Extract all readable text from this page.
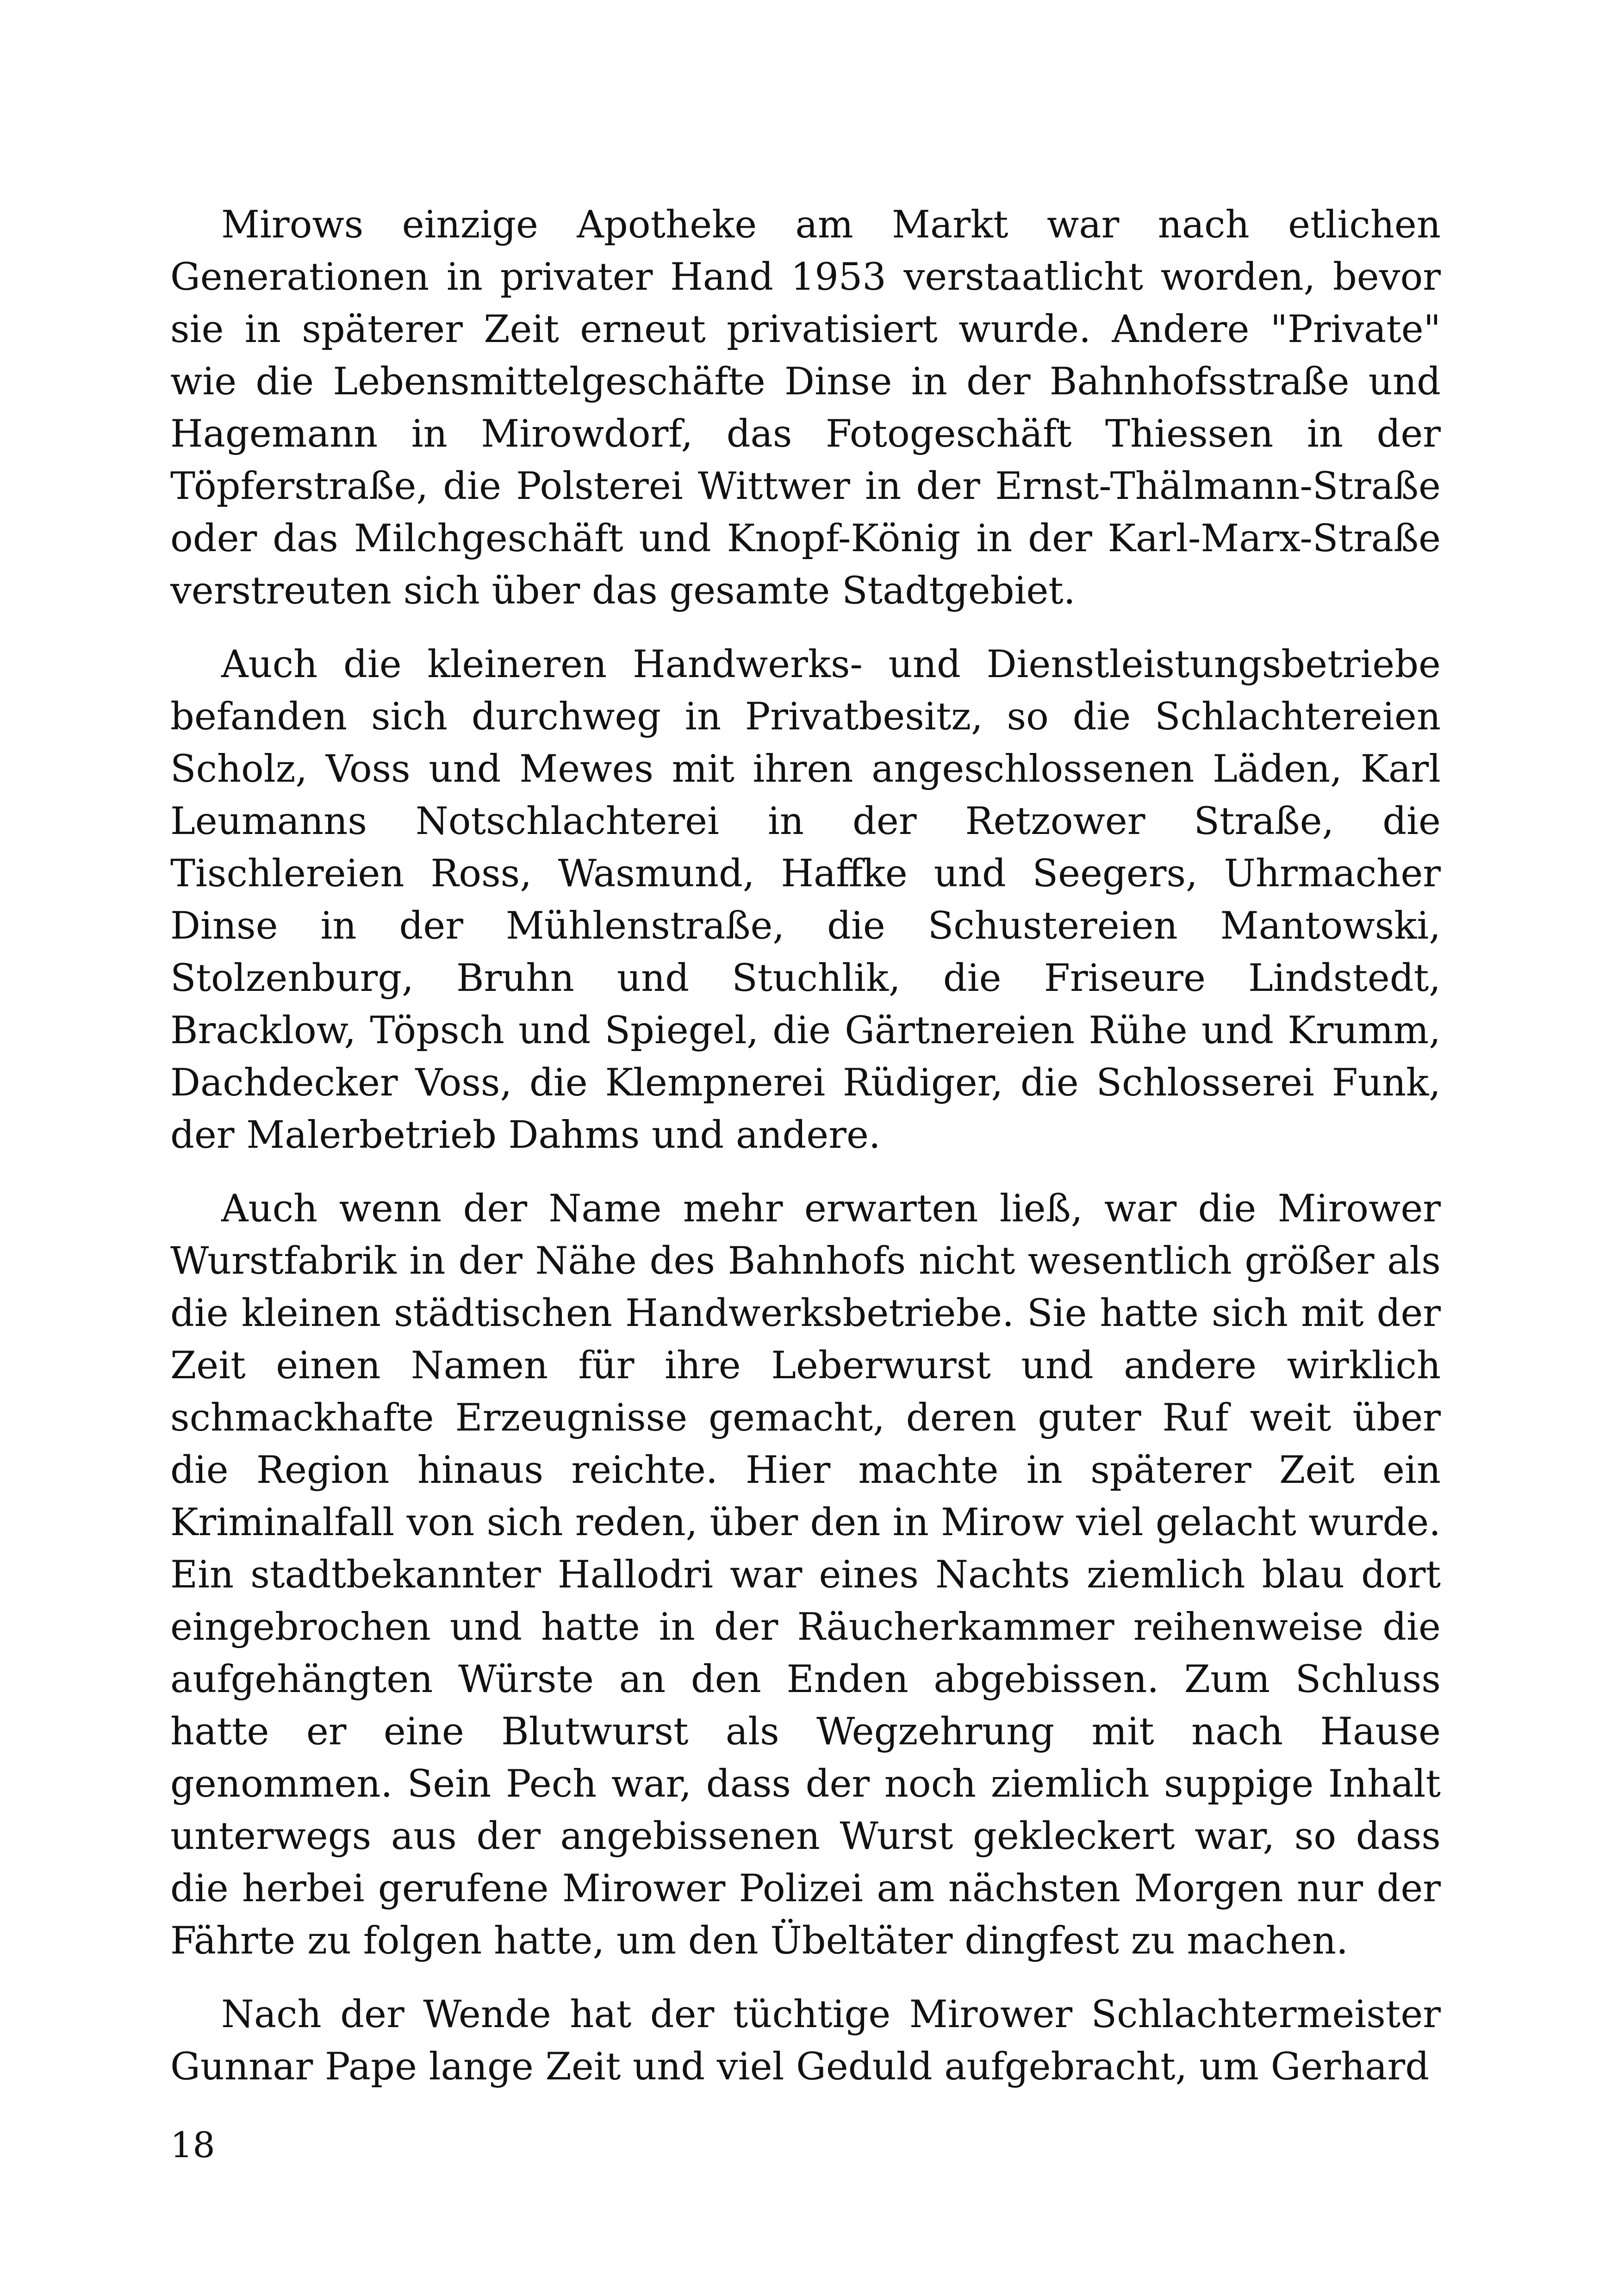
Mirows einzige Apotheke am Markt war nach etlichen Generationen in privater Hand 1953 verstaatlicht worden, bevor sie in späterer Zeit erneut privatisiert wurde. Andere "Private" wie die Lebensmittelgeschäfte Dinse in der Bahnhofsstraße und Hagemann in Mirowdorf, das Fotogeschäft Thiessen in der Töpferstraße, die Polsterei Wittwer in der Ernst-Thälmann-Straße oder das Milchgeschäft und Knopf-König in der Karl-Marx-Straße verstreuten sich über das gesamte Stadtgebiet.

Auch die kleineren Handwerks- und Dienstleistungsbetriebe befanden sich durchweg in Privatbesitz, so die Schlachtereien Scholz, Voss und Mewes mit ihren angeschlossenen Läden, Karl Leumanns Notschlachterei in der Retzower Straße, die Tischlereien Ross, Wasmund, Haffke und Seegers, Uhrmacher Dinse in der Mühlenstraße, die Schustereien Mantowski, Stolzenburg, Bruhn und Stuchlik, die Friseure Lindstedt, Bracklow, Töpsch und Spiegel, die Gärtnereien Rühe und Krumm, Dachdecker Voss, die Klempnerei Rüdiger, die Schlosserei Funk, der Malerbetrieb Dahms und andere.

Auch wenn der Name mehr erwarten ließ, war die Mirower Wurstfabrik in der Nähe des Bahnhofs nicht wesentlich größer als die kleinen städtischen Handwerksbetriebe. Sie hatte sich mit der Zeit einen Namen für ihre Leberwurst und andere wirklich schmackhafte Erzeugnisse gemacht, deren guter Ruf weit über die Region hinaus reichte. Hier machte in späterer Zeit ein Kriminalfall von sich reden, über den in Mirow viel gelacht wurde. Ein stadtbekannter Hallodri war eines Nachts ziemlich blau dort eingebrochen und hatte in der Räucherkammer reihenweise die aufgehängten Würste an den Enden abgebissen. Zum Schluss hatte er eine Blutwurst als Wegzehrung mit nach Hause genommen. Sein Pech war, dass der noch ziemlich suppige Inhalt unterwegs aus der angebissenen Wurst gekleckert war, so dass die herbei gerufene Mirower Polizei am nächsten Morgen nur der Fährte zu folgen hatte, um den Übeltäter dingfest zu machen.

Nach der Wende hat der tüchtige Mirower Schlachtermeister Gunnar Pape lange Zeit und viel Geduld aufgebracht, um Gerhard

18
